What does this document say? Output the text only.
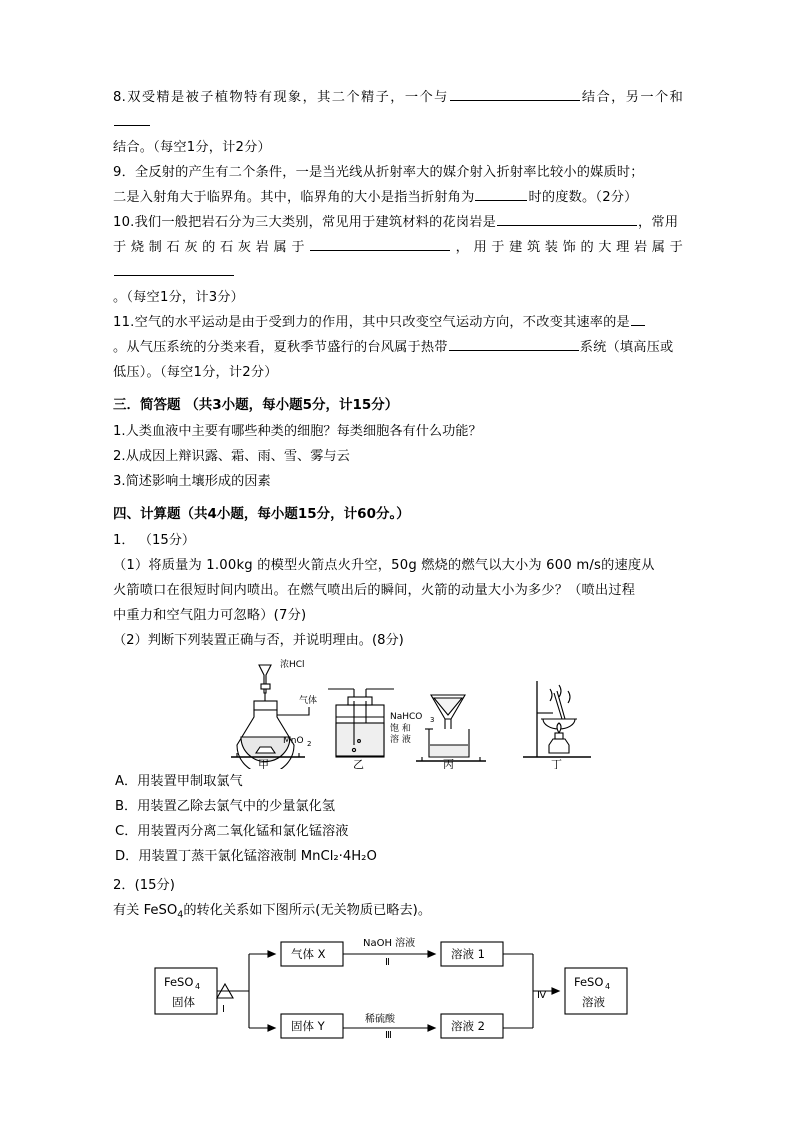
8.双受精是被子植物特有现象，其二个精子，一个与	结合，另一个和
结合。（每空1分，计2分）
9．全反射的产生有二个条件，一是当光线从折射率大的媒介射入折射率比较小的媒质时；
二是入射角大于临界角。其中，临界角的大小是指当折射角为	时的度数。（2分）
10.我们一般把岩石分为三大类别，常见用于建筑材料的花岗岩是	，常用
于烧制石灰的石灰岩属于	，用于建筑装饰的大理岩属于
。（每空1分，计3分）
11.空气的水平运动是由于受到力的作用，其中只改变空气运动方向，不改变其速率的是
。从气压系统的分类来看，夏秋季节盛行的台风属于热带	系统（填高压或
低压）。（每空1分，计2分）
三．简答题 （共3小题，每小题5分，计15分）
1.人类血液中主要有哪些种类的细胞？每类细胞各有什么功能？
2.从成因上辩识露、霜、雨、雪、雾与云
3.简述影响土壤形成的因素
四、计算题（共4小题，每小题15分，计60分。）
1． （15分）
（1）将质量为 1.00kg 的模型火箭点火升空，50g 燃烧的燃气以大小为 600 m/s的速度从
火箭喷口在很短时间内喷出。在燃气喷出后的瞬间，火箭的动量大小为多少？（喷出过程
中重力和空气阻力可忽略）(7分)
（2）判断下列装置正确与否，并说明理由。(8分)
浓HCl
气体
MnO 2
NaHCO 3
饱 和
溶 液
甲	乙	丙	丁
A．用装置甲制取氯气
B．用装置乙除去氯气中的少量氯化氢
C．用装置丙分离二氧化锰和氯化锰溶液
D．用装置丁蒸干氯化锰溶液制 MnCl₂·4H₂O
2．(15分)
有关 FeSO$_4$的转化关系如下图所示(无关物质已略去)。
FeSO 4
固体
Ⅰ
气体 X
固体 Y
NaOH 溶液
Ⅱ
稀硫酸
Ⅲ
溶液 1
溶液 2
Ⅳ
FeSO 4
溶液
